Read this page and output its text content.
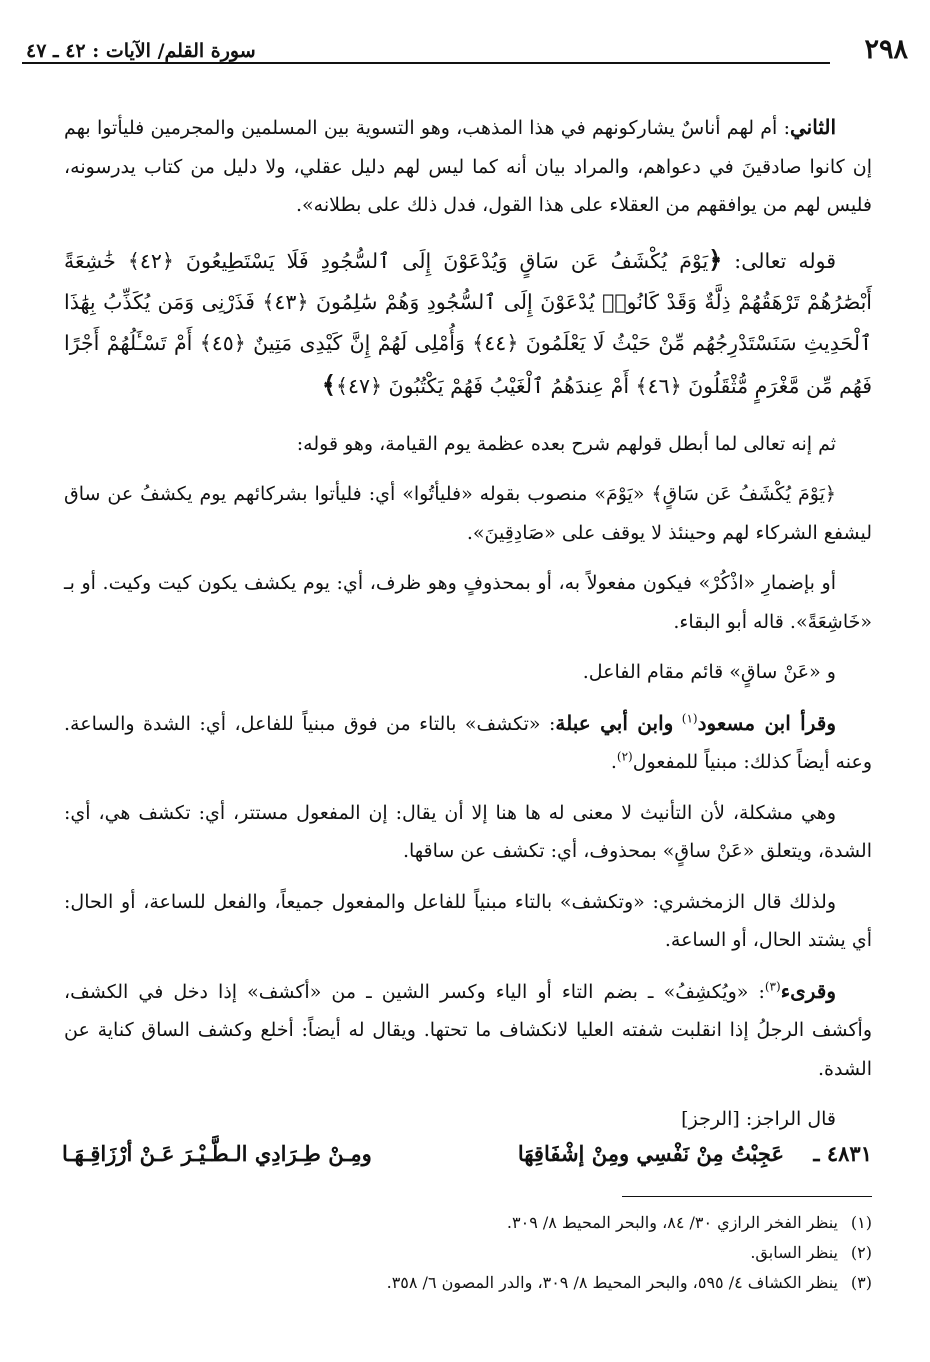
٢٩٨
سورة القلم/ الآيات : ٤٢ ـ ٤٧

الثاني: أم لهم أناسٌ يشاركونهم في هذا المذهب، وهو التسوية بين المسلمين والمجرمين فليأتوا بهم إن كانوا صادقينَ في دعواهم، والمراد بيان أنه كما ليس لهم دليل عقلي، ولا دليل من كتاب يدرسونه، فليس لهم من يوافقهم من العقلاء على هذا القول، فدل ذلك على بطلانه».

قوله تعالى: ﴿يَوْمَ يُكْشَفُ عَن سَاقٍ وَيُدْعَوْنَ إِلَى ٱلسُّجُودِ فَلَا يَسْتَطِيعُونَ ﴿٤٢﴾ خَٰشِعَةً أَبْصَٰرُهُمْ تَرْهَقُهُمْ ذِلَّةٌ وَقَدْ كَانُوا۟ يُدْعَوْنَ إِلَى ٱلسُّجُودِ وَهُمْ سَٰلِمُونَ ﴿٤٣﴾ فَذَرْنِى وَمَن يُكَذِّبُ بِهَٰذَا ٱلْحَدِيثِ سَنَسْتَدْرِجُهُم مِّنْ حَيْثُ لَا يَعْلَمُونَ ﴿٤٤﴾ وَأُمْلِى لَهُمْ إِنَّ كَيْدِى مَتِينٌ ﴿٤٥﴾ أَمْ تَسْـَٔلُهُمْ أَجْرًا فَهُم مِّن مَّغْرَمٍ مُّثْقَلُونَ ﴿٤٦﴾ أَمْ عِندَهُمُ ٱلْغَيْبُ فَهُمْ يَكْتُبُونَ ﴿٤٧﴾﴾

ثم إنه تعالى لما أبطل قولهم شرح بعده عظمة يوم القيامة، وهو قوله:

﴿يَوْمَ يُكْشَفُ عَن سَاقٍ﴾ «يَوْمَ» منصوب بقوله «فليأتُوا» أي: فليأتوا بشركائهم يوم يكشفُ عن ساق ليشفع الشركاء لهم وحينئذ لا يوقف على «صَادِقِينَ».

أو بإضمارِ «اذْكُرْ» فيكون مفعولاً به، أو بمحذوفٍ وهو ظرف، أي: يوم يكشف يكون كيت وكيت. أو بـ «خَاشِعَةً». قاله أبو البقاء.

و «عَنْ ساقٍ» قائم مقام الفاعل.

وقرأ ابن مسعود$^{(١)}$ وابن أبي عبلة: «تكشف» بالتاء من فوق مبنياً للفاعل، أي: الشدة والساعة. وعنه أيضاً كذلك: مبنياً للمفعول$^{(٢)}$.

وهي مشكلة، لأن التأنيث لا معنى له ها هنا إلا أن يقال: إن المفعول مستتر، أي: تكشف هي، أي: الشدة، ويتعلق «عَنْ ساقٍ» بمحذوف، أي: تكشف عن ساقها.

ولذلك قال الزمخشري: «وتكشف» بالتاء مبنياً للفاعل والمفعول جميعاً، والفعل للساعة، أو الحال: أي يشتد الحال، أو الساعة.

وقرىء$^{(٣)}$: «ويُكشِفُ» ـ بضم التاء أو الياء وكسر الشين ـ من «أكشف» إذا دخل في الكشف، وأكشف الرجلُ إذا انقلبت شفته العليا لانكشاف ما تحتها. ويقال له أيضاً: أخلع وكشف الساق كناية عن الشدة.

قال الراجز: [الرجز]

٤٨٣١ ـ
عَجِبْتُ مِنْ نَفْسِي ومِنْ إشْفَاقِهَا
ومِـنْ طِـرَادِي الـطَّـيْـرَ عَـنْ أرْزَاقِـهَـا

(١)ينظر الفخر الرازي ٣٠/ ٨٤، والبحر المحيط ٨/ ٣٠٩.

(٢)ينظر السابق.

(٣)ينظر الكشاف ٤/ ٥٩٥، والبحر المحيط ٨/ ٣٠٩، والدر المصون ٦/ ٣٥٨.
